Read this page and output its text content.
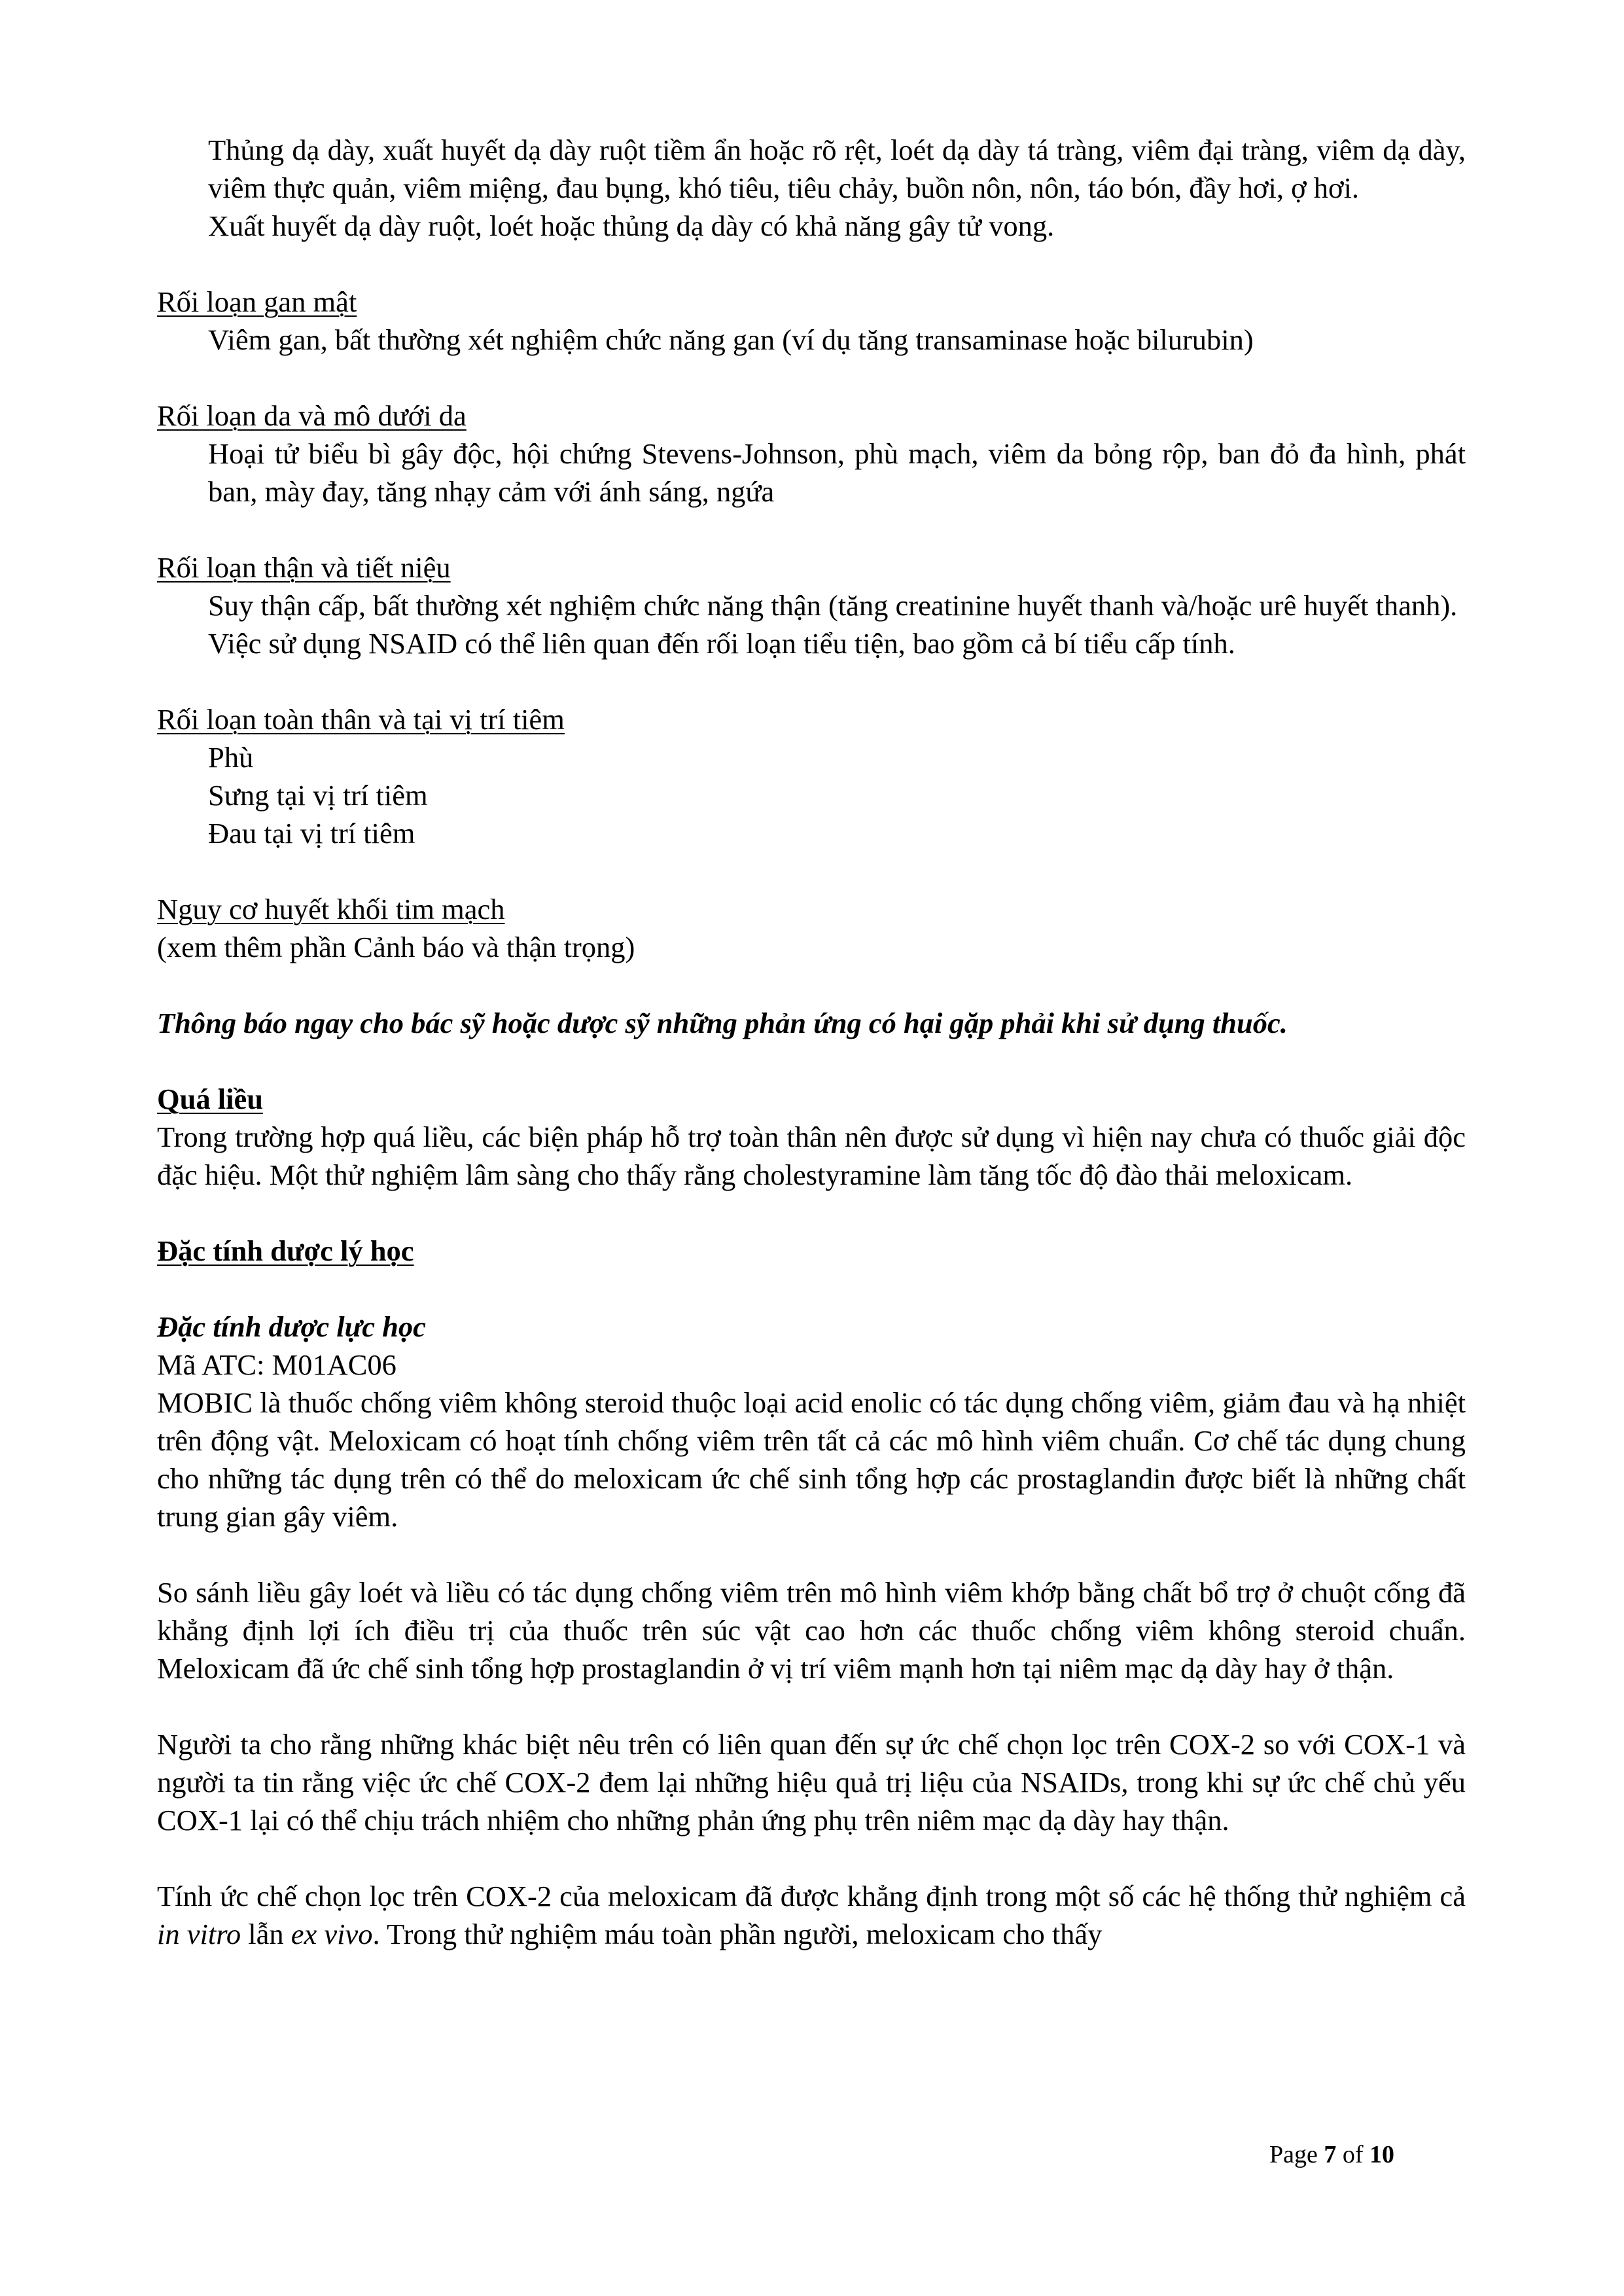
Thủng dạ dày, xuất huyết dạ dày ruột tiềm ẩn hoặc rõ rệt, loét dạ dày tá tràng, viêm đại tràng, viêm dạ dày, viêm thực quản, viêm miệng, đau bụng, khó tiêu, tiêu chảy, buồn nôn, nôn, táo bón, đầy hơi, ợ hơi.

Xuất huyết dạ dày ruột, loét hoặc thủng dạ dày có khả năng gây tử vong.

Rối loạn gan mật

Viêm gan, bất thường xét nghiệm chức năng gan (ví dụ tăng transaminase hoặc bilurubin)

Rối loạn da và mô dưới da

Hoại tử biểu bì gây độc, hội chứng Stevens-Johnson, phù mạch, viêm da bỏng rộp, ban đỏ đa hình, phát ban, mày đay, tăng nhạy cảm với ánh sáng, ngứa

Rối loạn thận và tiết niệu

Suy thận cấp, bất thường xét nghiệm chức năng thận (tăng creatinine huyết thanh và/hoặc urê huyết thanh).

Việc sử dụng NSAID có thể liên quan đến rối loạn tiểu tiện, bao gồm cả bí tiểu cấp tính.

Rối loạn toàn thân và tại vị trí tiêm

Phù

Sưng tại vị trí tiêm

Đau tại vị trí tiêm

Nguy cơ huyết khối tim mạch

(xem thêm phần Cảnh báo và thận trọng)

Thông báo ngay cho bác sỹ hoặc dược sỹ những phản ứng có hại gặp phải khi sử dụng thuốc.

Quá liều

Trong trường hợp quá liều, các biện pháp hỗ trợ toàn thân nên được sử dụng vì hiện nay chưa có thuốc giải độc đặc hiệu. Một thử nghiệm lâm sàng cho thấy rằng cholestyramine làm tăng tốc độ đào thải meloxicam.

Đặc tính dược lý học

Đặc tính dược lực học

Mã ATC: M01AC06

MOBIC là thuốc chống viêm không steroid thuộc loại acid enolic có tác dụng chống viêm, giảm đau và hạ nhiệt trên động vật. Meloxicam có hoạt tính chống viêm trên tất cả các mô hình viêm chuẩn. Cơ chế tác dụng chung cho những tác dụng trên có thể do meloxicam ức chế sinh tổng hợp các prostaglandin được biết là những chất trung gian gây viêm.

So sánh liều gây loét và liều có tác dụng chống viêm trên mô hình viêm khớp bằng chất bổ trợ ở chuột cống đã khẳng định lợi ích điều trị của thuốc trên súc vật cao hơn các thuốc chống viêm không steroid chuẩn. Meloxicam đã ức chế sinh tổng hợp prostaglandin ở vị trí viêm mạnh hơn tại niêm mạc dạ dày hay ở thận.

Người ta cho rằng những khác biệt nêu trên có liên quan đến sự ức chế chọn lọc trên COX-2 so với COX-1 và người ta tin rằng việc ức chế COX-2 đem lại những hiệu quả trị liệu của NSAIDs, trong khi sự ức chế chủ yếu COX-1 lại có thể chịu trách nhiệm cho những phản ứng phụ trên niêm mạc dạ dày hay thận.

Tính ức chế chọn lọc trên COX-2 của meloxicam đã được khẳng định trong một số các hệ thống thử nghiệm cả in vitro lẫn ex vivo. Trong thử nghiệm máu toàn phần người, meloxicam cho thấy

Page 7 of 10
